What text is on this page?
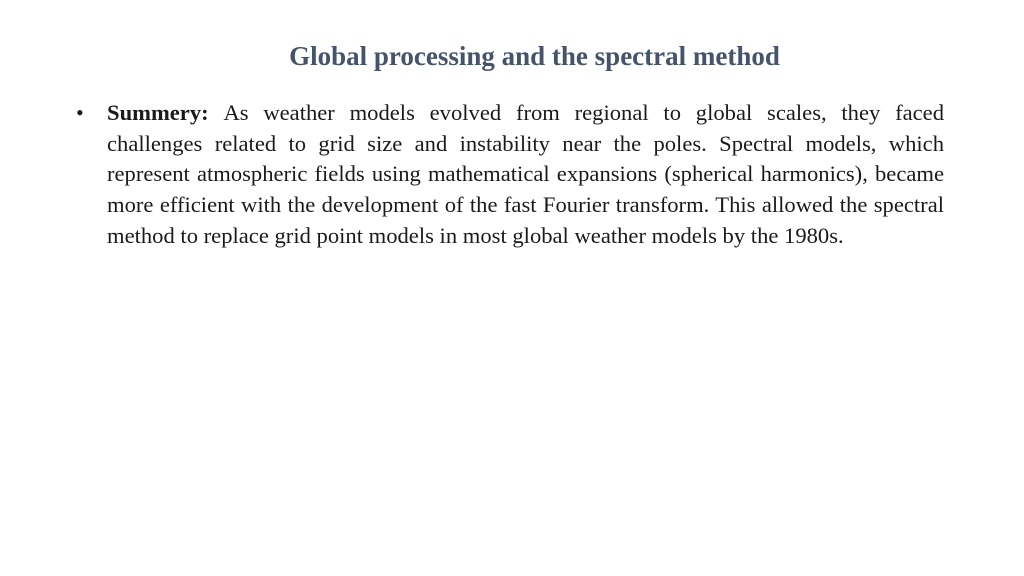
Global processing and the spectral method
• Summery: As weather models evolved from regional to global scales, they faced challenges related to grid size and instability near the poles. Spectral models, which represent atmospheric fields using mathematical expansions (spherical harmonics), became more efficient with the development of the fast Fourier transform. This allowed the spectral method to replace grid point models in most global weather models by the 1980s.
